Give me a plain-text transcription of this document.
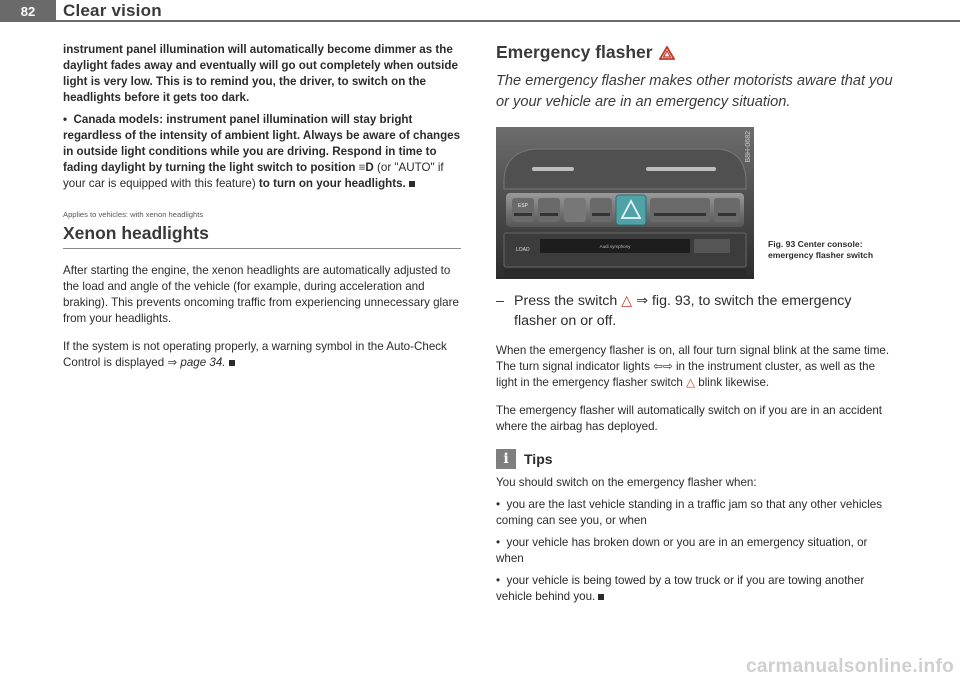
82	Clear vision

instrument panel illumination will automatically become dimmer as the daylight fades away and eventually will go out completely when outside light is very low. This is to remind you, the driver, to switch on the headlights before it gets too dark.

•  Canada models: instrument panel illumination will stay bright regardless of the intensity of ambient light. Always be aware of changes in outside light conditions while you are driving. Respond in time to fading daylight by turning the light switch to position ≡D (or "AUTO" if your car is equipped with this feature) to turn on your headlights.

Applies to vehicles: with xenon headlights
Xenon headlights

After starting the engine, the xenon headlights are automatically adjusted to the load and angle of the vehicle (for example, during acceleration and braking). This prevents oncoming traffic from experiencing unnecessary glare from your headlights.

If the system is not operating properly, a warning symbol in the Auto-Check Control is displayed ⇒ page 34.

Emergency flasher
The emergency flasher makes other motorists aware that you or your vehicle are in an emergency situation.
ESP
LOAD
Audi symphony
B8H-0682
Fig. 93 Center console: emergency flasher switch
– Press the switch △ ⇒ fig. 93, to switch the emergency flasher on or off.

When the emergency flasher is on, all four turn signal blink at the same time. The turn signal indicator lights ⇦⇨ in the instrument cluster, as well as the light in the emergency flasher switch △ blink likewise.

The emergency flasher will automatically switch on if you are in an accident where the airbag has deployed.

i	Tips

You should switch on the emergency flasher when:

•  you are the last vehicle standing in a traffic jam so that any other vehicles coming can see you, or when

•  your vehicle has broken down or you are in an emergency situation, or when

•  your vehicle is being towed by a tow truck or if you are towing another vehicle behind you.

carmanualsonline.info
